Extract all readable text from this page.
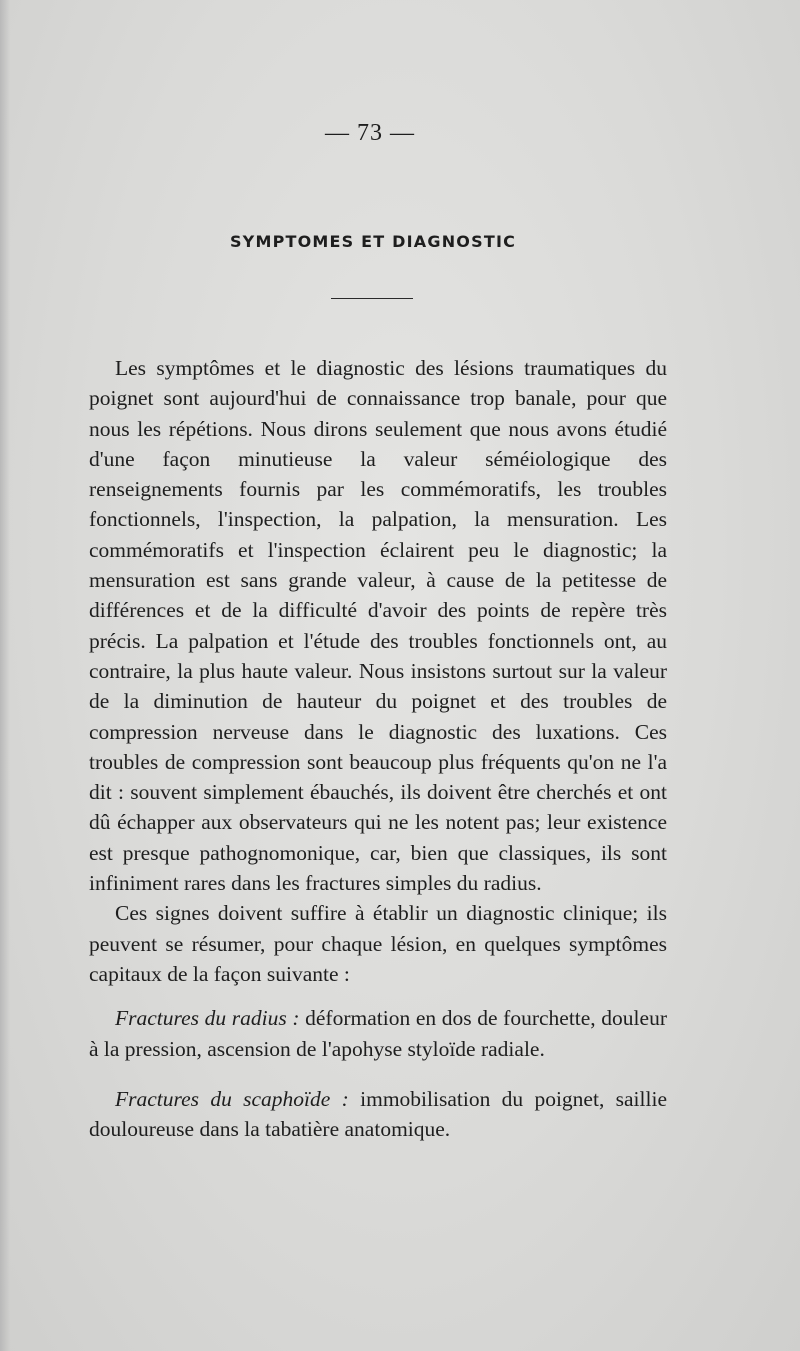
— 73 —
SYMPTOMES ET DIAGNOSTIC

Les symptômes et le diagnostic des lésions traumatiques du poignet sont aujourd'hui de connaissance trop banale, pour que nous les répétions. Nous dirons seulement que nous avons étudié d'une façon minutieuse la valeur séméiologique des renseignements fournis par les commémoratifs, les troubles fonctionnels, l'inspection, la palpation, la mensuration. Les commémoratifs et l'inspection éclairent peu le diagnostic; la mensuration est sans grande valeur, à cause de la petitesse de différences et de la difficulté d'avoir des points de repère très précis. La palpation et l'étude des troubles fonctionnels ont, au contraire, la plus haute valeur. Nous insistons surtout sur la valeur de la diminution de hauteur du poignet et des troubles de compression nerveuse dans le diagnostic des luxations. Ces troubles de compression sont beaucoup plus fréquents qu'on ne l'a dit : souvent simplement ébauchés, ils doivent être cherchés et ont dû échapper aux observateurs qui ne les notent pas; leur existence est presque pathognomonique, car, bien que classiques, ils sont infiniment rares dans les fractures simples du radius.

Ces signes doivent suffire à établir un diagnostic clinique; ils peuvent se résumer, pour chaque lésion, en quelques symptômes capitaux de la façon suivante :

Fractures du radius : déformation en dos de fourchette, douleur à la pression, ascension de l'apohyse styloïde radiale.

Fractures du scaphoïde : immobilisation du poignet, saillie douloureuse dans la tabatière anatomique.
